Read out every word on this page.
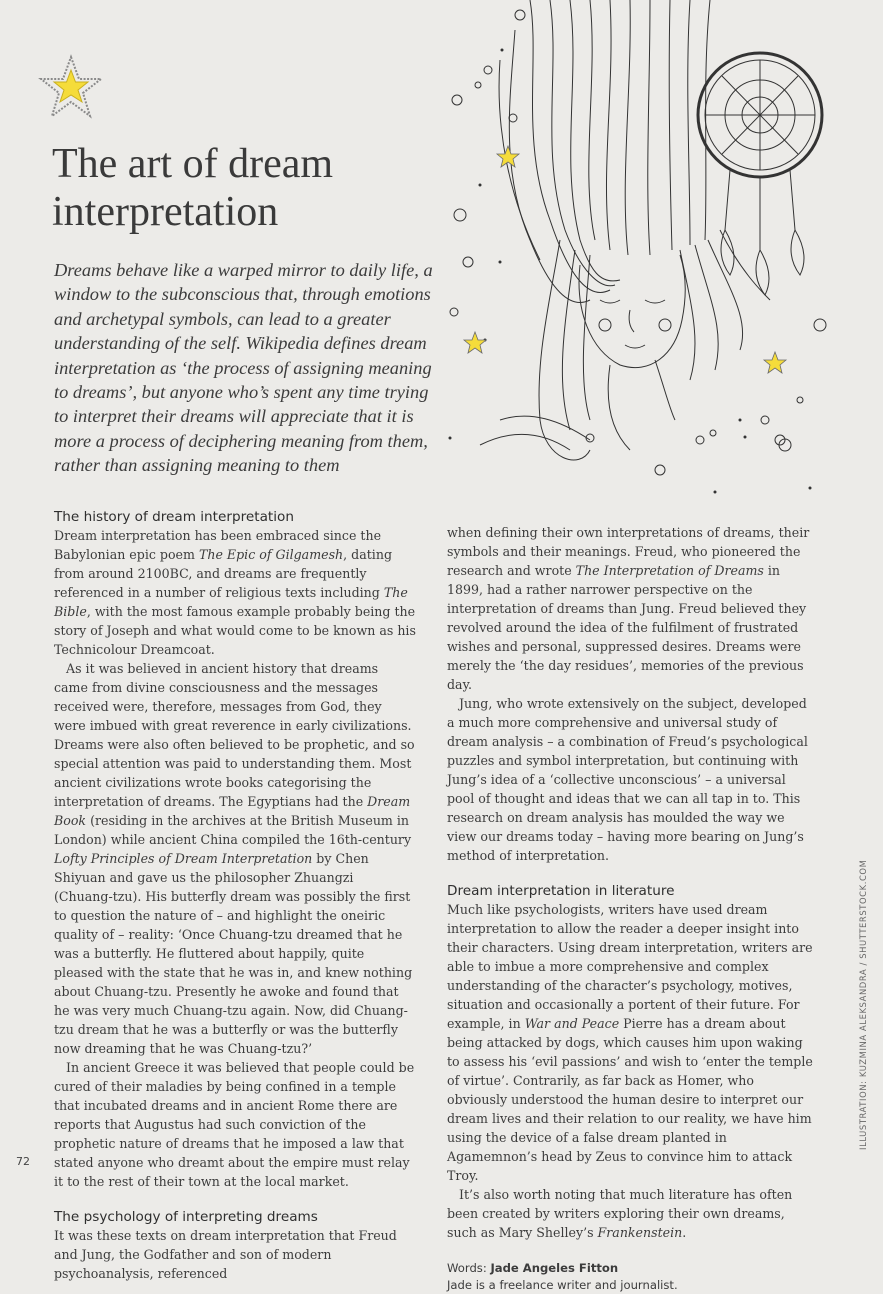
The art of dream interpretation

Dreams behave like a warped mirror to daily life, a window to the subconscious that, through emotions and archetypal symbols, can lead to a greater understanding of the self. Wikipedia defines dream interpretation as ‘the process of assigning meaning to dreams’, but anyone who’s spent any time trying to interpret their dreams will appreciate that it is more a process of deciphering meaning from them, rather than assigning meaning to them

The history of dream interpretation

Dream interpretation has been embraced since the Babylonian epic poem The Epic of Gilgamesh, dating from around 2100BC, and dreams are frequently referenced in a number of religious texts including The Bible, with the most famous example probably being the story of Joseph and what would come to be known as his Technicolour Dreamcoat.

As it was believed in ancient history that dreams came from divine consciousness and the messages received were, therefore, messages from God, they were imbued with great reverence in early civilizations. Dreams were also often believed to be prophetic, and so special attention was paid to understanding them. Most ancient civilizations wrote books categorising the interpretation of dreams. The Egyptians had the Dream Book (residing in the archives at the British Museum in London) while ancient China compiled the 16th-century Lofty Principles of Dream Interpretation by Chen Shiyuan and gave us the philosopher Zhuangzi (Chuang-tzu). His butterfly dream was possibly the first to question the nature of – and highlight the oneiric quality of – reality: ‘Once Chuang-tzu dreamed that he was a butterfly. He fluttered about happily, quite pleased with the state that he was in, and knew nothing about Chuang-tzu. Presently he awoke and found that he was very much Chuang-tzu again. Now, did Chuang-tzu dream that he was a butterfly or was the butterfly now dreaming that he was Chuang-tzu?’

In ancient Greece it was believed that people could be cured of their maladies by being confined in a temple that incubated dreams and in ancient Rome there are reports that Augustus had such conviction of the prophetic nature of dreams that he imposed a law that stated anyone who dreamt about the empire must relay it to the rest of their town at the local market.

The psychology of interpreting dreams

It was these texts on dream interpretation that Freud and Jung, the Godfather and son of modern psychoanalysis, referenced

when defining their own interpretations of dreams, their symbols and their meanings. Freud, who pioneered the research and wrote The Interpretation of Dreams in 1899, had a rather narrower perspective on the interpretation of dreams than Jung. Freud believed they revolved around the idea of the fulfilment of frustrated wishes and personal, suppressed desires. Dreams were merely the ‘the day residues’, memories of the previous day.

Jung, who wrote extensively on the subject, developed a much more comprehensive and universal study of dream analysis – a combination of Freud’s psychological puzzles and symbol interpretation, but continuing with Jung’s idea of a ‘collective unconscious’ – a universal pool of thought and ideas that we can all tap in to. This research on dream analysis has moulded the way we view our dreams today – having more bearing on Jung’s method of interpretation.

Dream interpretation in literature

Much like psychologists, writers have used dream interpretation to allow the reader a deeper insight into their characters. Using dream interpretation, writers are able to imbue a more comprehensive and complex understanding of the character’s psychology, motives, situation and occasionally a portent of their future. For example, in War and Peace Pierre has a dream about being attacked by dogs, which causes him upon waking to assess his ‘evil passions’ and wish to ‘enter the temple of virtue’. Contrarily, as far back as Homer, who obviously understood the human desire to interpret our dream lives and their relation to our reality, we have him using the device of a false dream planted in Agamemnon’s head by Zeus to convince him to attack Troy.

It’s also worth noting that much literature has often been created by writers exploring their own dreams, such as Mary Shelley’s Frankenstein.

Words: Jade Angeles Fitton
Jade is a freelance writer and journalist.
ILLUSTRATION: KUZMINA ALEKSANDRA / SHUTTERSTOCK.COM
72
